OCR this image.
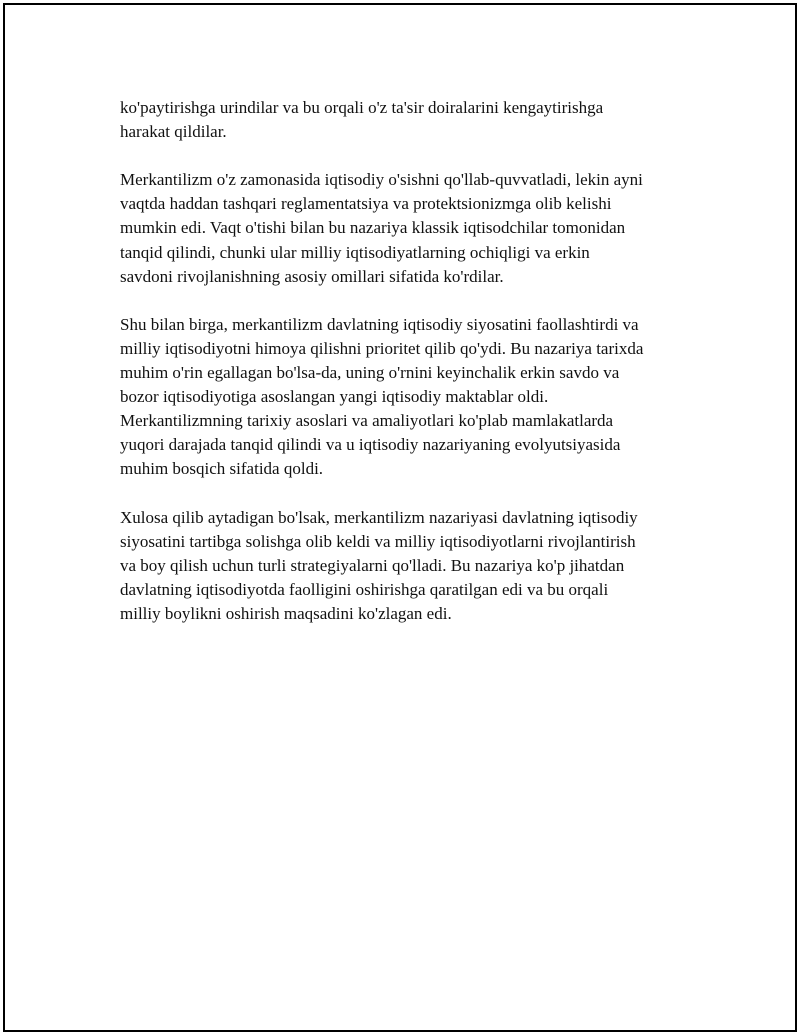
ko'paytirishga urindilar va bu orqali o'z ta'sir doiralarini kengaytirishga
harakat qildilar.

Merkantilizm o'z zamonasida iqtisodiy o'sishni qo'llab-quvvatladi, lekin ayni
vaqtda haddan tashqari reglamentatsiya va protektsionizmga olib kelishi
mumkin edi. Vaqt o'tishi bilan bu nazariya klassik iqtisodchilar tomonidan
tanqid qilindi, chunki ular milliy iqtisodiyatlarning ochiqligi va erkin
savdoni rivojlanishning asosiy omillari sifatida ko'rdilar.

Shu bilan birga, merkantilizm davlatning iqtisodiy siyosatini faollashtirdi va
milliy iqtisodiyotni himoya qilishni prioritet qilib qo'ydi. Bu nazariya tarixda
muhim o'rin egallagan bo'lsa-da, uning o'rnini keyinchalik erkin savdo va
bozor iqtisodiyotiga asoslangan yangi iqtisodiy maktablar oldi.
Merkantilizmning tarixiy asoslari va amaliyotlari ko'plab mamlakatlarda
yuqori darajada tanqid qilindi va u iqtisodiy nazariyaning evolyutsiyasida
muhim bosqich sifatida qoldi.

Xulosa qilib aytadigan bo'lsak, merkantilizm nazariyasi davlatning iqtisodiy
siyosatini tartibga solishga olib keldi va milliy iqtisodiyotlarni rivojlantirish
va boy qilish uchun turli strategiyalarni qo'lladi. Bu nazariya ko'p jihatdan
davlatning iqtisodiyotda faolligini oshirishga qaratilgan edi va bu orqali
milliy boylikni oshirish maqsadini ko'zlagan edi.
